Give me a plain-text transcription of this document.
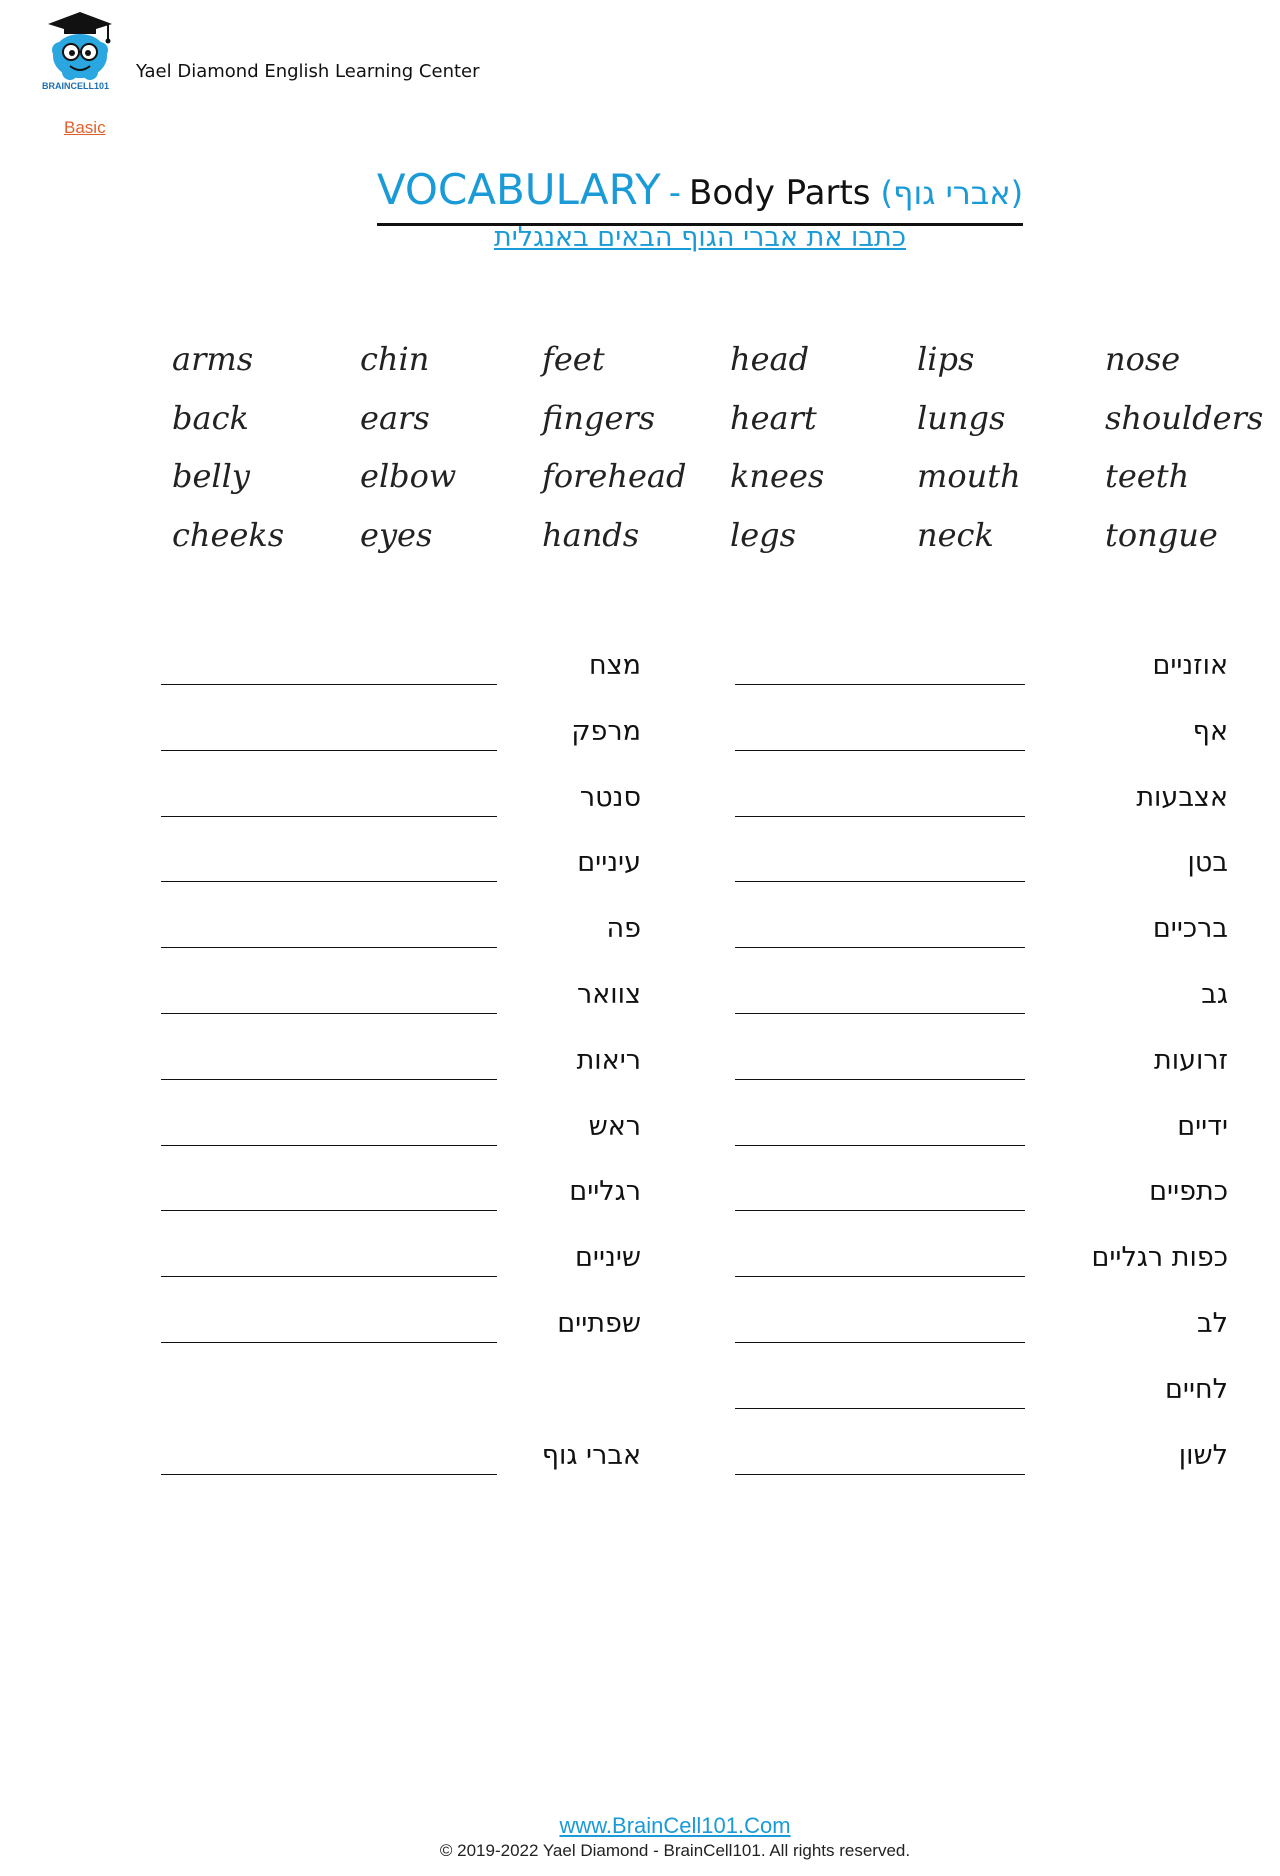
BRAINCELL101
Yael Diamond English Learning Center
Basic
VOCABULARY - Body Parts (אברי גוף)
כתבו את אברי הגוף הבאים באנגלית
arms
back
belly
cheeks
chin
ears
elbow
eyes
feet
fingers
forehead
hands
head
heart
knees
legs
lips
lungs
mouth
neck
nose
shoulders
teeth
tongue
אוזניים
מצח
אף
מרפק
אצבעות
סנטר
בטן
עיניים
ברכיים
פה
גב
צוואר
זרועות
ריאות
ידיים
ראש
כתפיים
רגליים
כפות רגליים
שיניים
לב
שפתיים
לחיים
לשון
אברי גוף
www.BrainCell101.Com
© 2019-2022 Yael Diamond - BrainCell101. All rights reserved.
